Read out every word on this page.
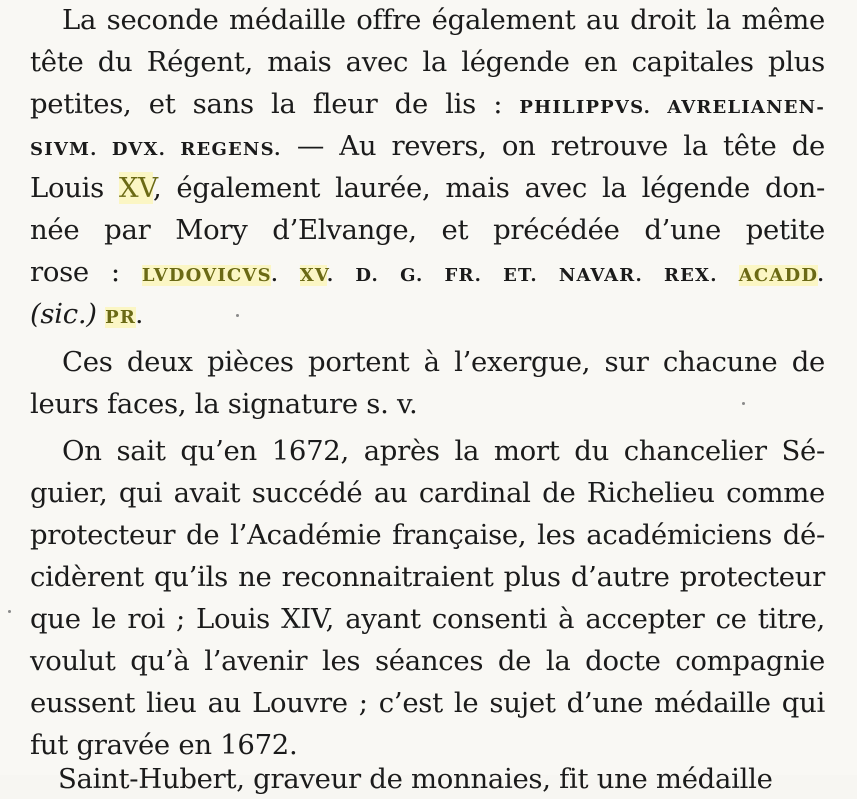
La seconde médaille offre également au droit la même
tête du Régent, mais avec la légende en capitales plus
petites, et sans la fleur de lis : PHILIPPVS. AVRELIANEN-
SIVM. DVX. REGENS. — Au revers, on retrouve la tête de
Louis XV, également laurée, mais avec la légende don-
née par Mory d’Elvange, et précédée d’une petite
rose : LVDOVICVS. XV. D. G. FR. ET. NAVAR. REX. ACADD.
(sic.) PR.
Ces deux pièces portent à l’exergue, sur chacune de
leurs faces, la signature s. v.
On sait qu’en 1672, après la mort du chancelier Sé-
guier, qui avait succédé au cardinal de Richelieu comme
protecteur de l’Académie française, les académiciens dé-
cidèrent qu’ils ne reconnaitraient plus d’autre protecteur
que le roi ; Louis XIV, ayant consenti à accepter ce titre,
voulut qu’à l’avenir les séances de la docte compagnie
eussent lieu au Louvre ; c’est le sujet d’une médaille qui
fut gravée en 1672.
Saint-Hubert, graveur de monnaies, fit une médaille
